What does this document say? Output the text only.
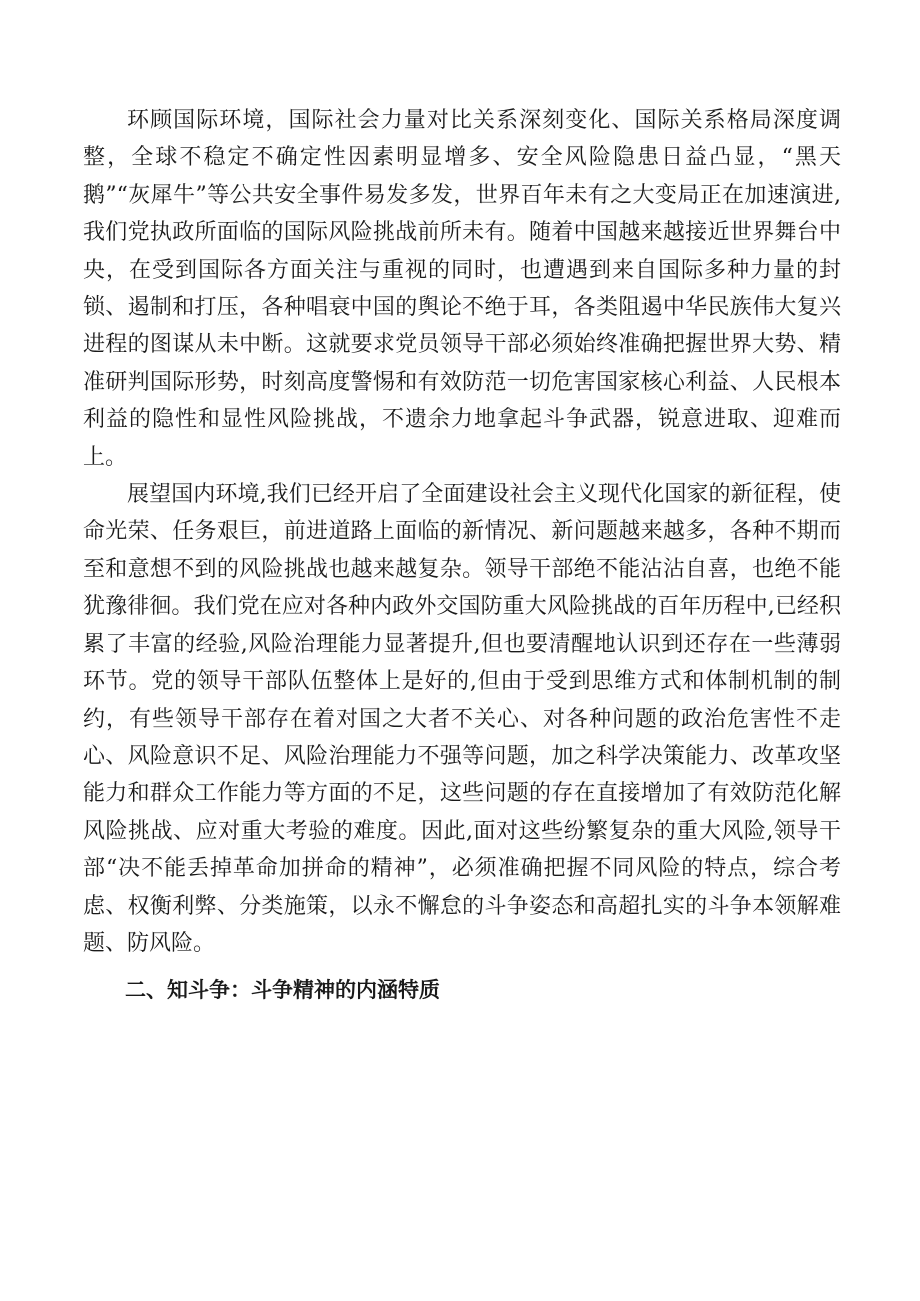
环顾国际环境，国际社会力量对比关系深刻变化、国际关系格局深度调整，全球不稳定不确定性因素明显增多、安全风险隐患日益凸显，“黑天鹅”“灰犀牛”等公共安全事件易发多发，世界百年未有之大变局正在加速演进,我们党执政所面临的国际风险挑战前所未有。随着中国越来越接近世界舞台中央，在受到国际各方面关注与重视的同时，也遭遇到来自国际多种力量的封锁、遏制和打压，各种唱衰中国的舆论不绝于耳，各类阻遏中华民族伟大复兴进程的图谋从未中断。这就要求党员领导干部必须始终准确把握世界大势、精准研判国际形势，时刻高度警惕和有效防范一切危害国家核心利益、人民根本利益的隐性和显性风险挑战，不遗余力地拿起斗争武器，锐意进取、迎难而上。

展望国内环境,我们已经开启了全面建设社会主义现代化国家的新征程，使命光荣、任务艰巨，前进道路上面临的新情况、新问题越来越多，各种不期而至和意想不到的风险挑战也越来越复杂。领导干部绝不能沾沾自喜，也绝不能犹豫徘徊。我们党在应对各种内政外交国防重大风险挑战的百年历程中,已经积累了丰富的经验,风险治理能力显著提升,但也要清醒地认识到还存在一些薄弱环节。党的领导干部队伍整体上是好的,但由于受到思维方式和体制机制的制约，有些领导干部存在着对国之大者不关心、对各种问题的政治危害性不走心、风险意识不足、风险治理能力不强等问题，加之科学决策能力、改革攻坚能力和群众工作能力等方面的不足，这些问题的存在直接增加了有效防范化解风险挑战、应对重大考验的难度。因此,面对这些纷繁复杂的重大风险,领导干部“决不能丢掉革命加拼命的精神”，必须准确把握不同风险的特点，综合考虑、权衡利弊、分类施策，以永不懈怠的斗争姿态和高超扎实的斗争本领解难题、防风险。

二、知斗争：斗争精神的内涵特质
